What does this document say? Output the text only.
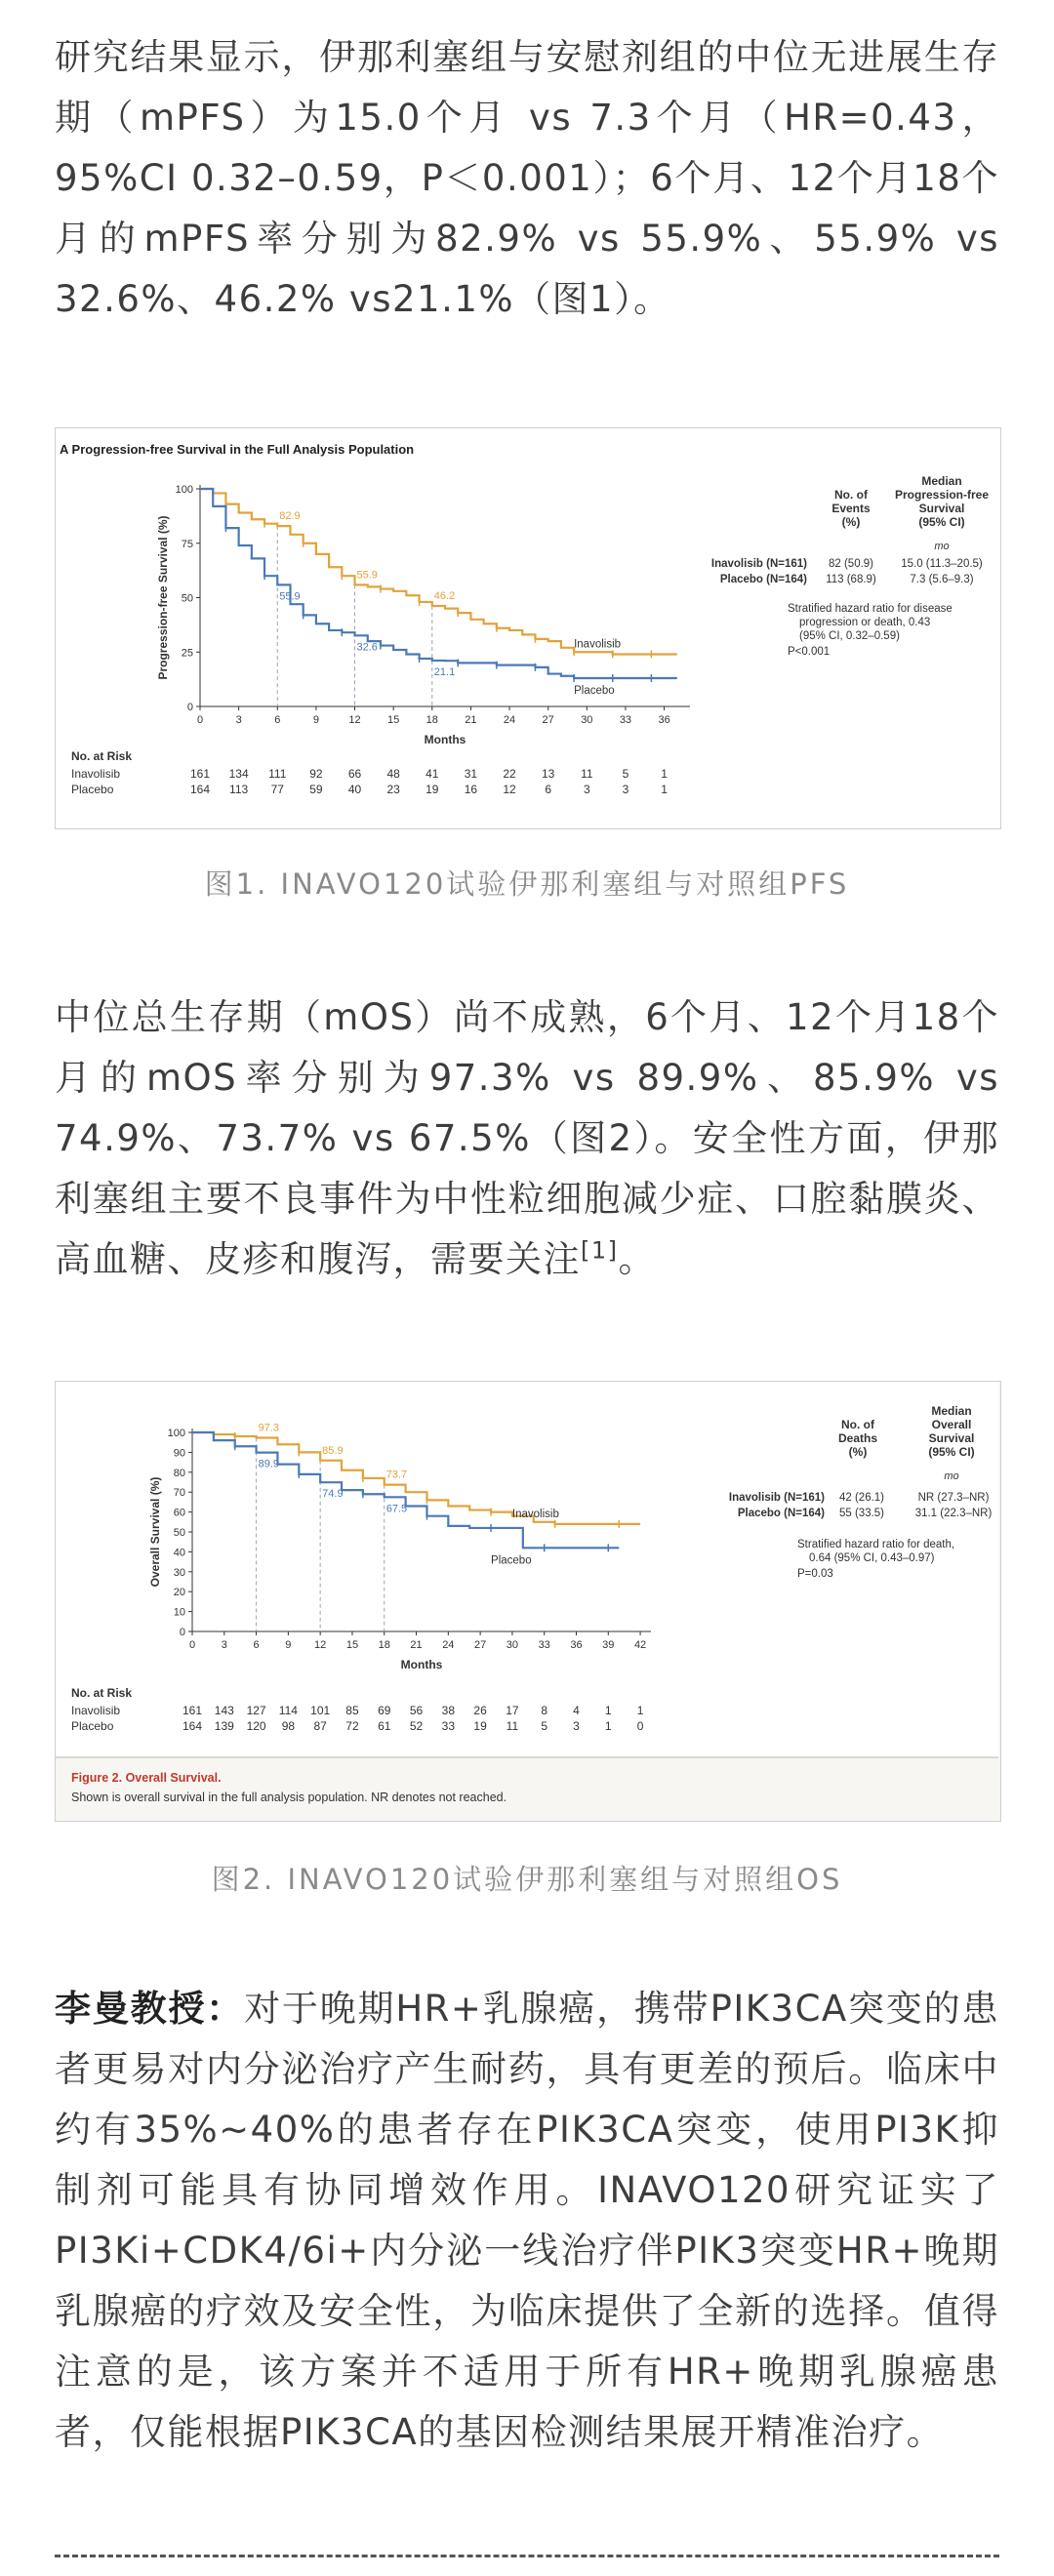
研究结果显示，伊那利塞组与安慰剂组的中位无进展生存期（mPFS）为15.0个月 vs 7.3个月（HR=0.43，95%CI 0.32–0.59，P＜0.001）；6个月、12个月18个月的mPFS率分别为82.9% vs 55.9%、55.9% vs 32.6%、46.2% vs21.1%（图1）。

A Progression-free Survival in the Full Analysis Population
No. of
Events
(%)
Median
Progression-free
Survival
(95% CI)
mo
Inavolisib (N=161) 82 (50.9) 15.0 (11.3–20.5)
Placebo (N=164) 113 (68.9)	7.3 (5.6–9.3)
Stratified hazard ratio for disease
progression or death, 0.43
(95% CI, 0.32–0.59)
P<0.001
No. at Risk
Inavolisib
Placebo
161 134 111 92 66 48 41 31 22 13 11	5	1
164 113 77 59 40 23 19 16 12 6	3	3	1
0
25
50
75
100
0	3	6	9	12 15 18 21 24 27 30 33 36
Months
Progression-free Survival (%)	Inavolisib
Placebo
82.9
55.9
46.2
55.9
32.6
21.1
图1. INAVO120试验伊那利塞组与对照组PFS

中位总生存期（mOS）尚不成熟，6个月、12个月18个月的mOS率分别为97.3% vs 89.9%、85.9% vs 74.9%、73.7% vs 67.5%（图2）。安全性方面，伊那利塞组主要不良事件为中性粒细胞减少症、口腔黏膜炎、高血糖、皮疹和腹泻，需要关注[1]。

No. of
Deaths
(%)
Median
Overall
Survival
(95% CI)
mo
Inavolisib (N=161) 42 (26.1)	NR (27.3–NR)
Placebo (N=164) 55 (33.5)	31.1 (22.3–NR)
Stratified hazard ratio for death,
0.64 (95% CI, 0.43–0.97)
P=0.03
No. at Risk
Inavolisib
Placebo
161 143 127 114 101 85 69 56 38 26 17 8 4 1 1
164 139 120 98 87 72 61 52 33 19 11 5 3 1 0
Figure 2. Overall Survival.
Shown is overall survival in the full analysis population. NR denotes not reached.
0
10
20
30
40
50
60
70
80
90
100
0 3 6 9 12 15 18 21 24 27 30 33 36 39 42
Months
Overall Survival (%)	Inavolisib
Placebo
97.3
85.9
73.7
89.9
74.9
67.5
图2. INAVO120试验伊那利塞组与对照组OS

李曼教授：对于晚期HR+乳腺癌，携带PIK3CA突变的患者更易对内分泌治疗产生耐药，具有更差的预后。临床中约有35%~40%的患者存在PIK3CA突变，使用PI3K抑制剂可能具有协同增效作用。INAVO120研究证实了PI3Ki+CDK4/6i+内分泌一线治疗伴PIK3突变HR+晚期乳腺癌的疗效及安全性，为临床提供了全新的选择。值得注意的是，该方案并不适用于所有HR+晚期乳腺癌患者，仅能根据PIK3CA的基因检测结果展开精准治疗。
